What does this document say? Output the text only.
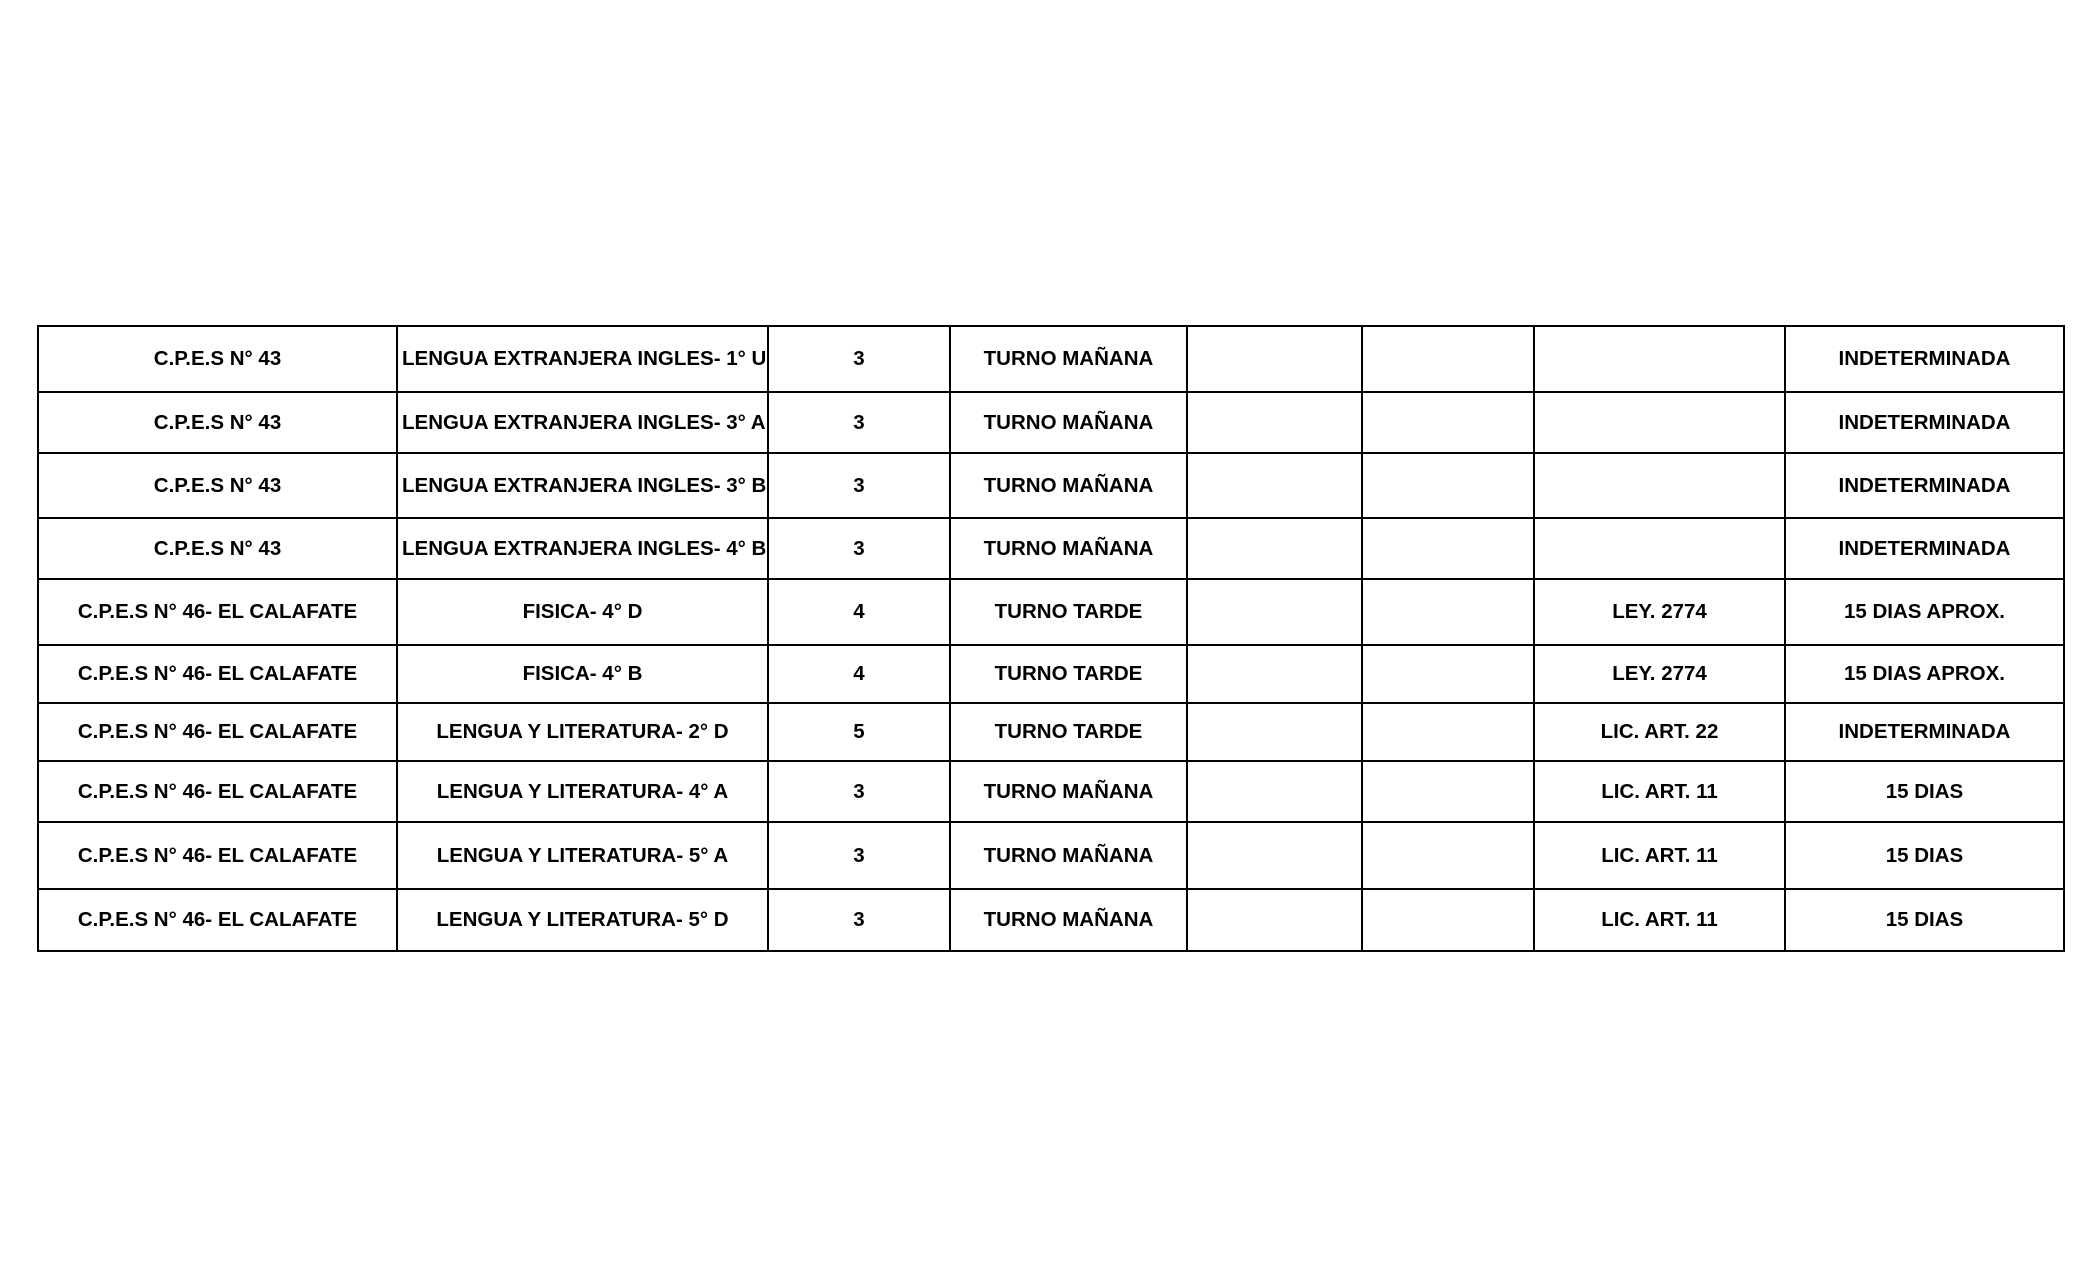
C.P.E.S N° 43	LENGUA EXTRANJERA INGLES- 1° U	3	TURNO MAÑANA				INDETERMINADA
C.P.E.S N° 43	LENGUA EXTRANJERA INGLES- 3° A	3	TURNO MAÑANA				INDETERMINADA
C.P.E.S N° 43	LENGUA EXTRANJERA INGLES- 3° B	3	TURNO MAÑANA				INDETERMINADA
C.P.E.S N° 43	LENGUA EXTRANJERA INGLES- 4° B	3	TURNO MAÑANA				INDETERMINADA
C.P.E.S N° 46- EL CALAFATE	FISICA- 4° D	4	TURNO TARDE			LEY. 2774	15 DIAS APROX.
C.P.E.S N° 46- EL CALAFATE	FISICA- 4° B	4	TURNO TARDE			LEY. 2774	15 DIAS APROX.
C.P.E.S N° 46- EL CALAFATE	LENGUA Y LITERATURA- 2° D	5	TURNO TARDE			LIC. ART. 22	INDETERMINADA
C.P.E.S N° 46- EL CALAFATE	LENGUA Y LITERATURA- 4° A	3	TURNO MAÑANA			LIC. ART. 11	15 DIAS
C.P.E.S N° 46- EL CALAFATE	LENGUA Y LITERATURA- 5° A	3	TURNO MAÑANA			LIC. ART. 11	15 DIAS
C.P.E.S N° 46- EL CALAFATE	LENGUA Y LITERATURA- 5° D	3	TURNO MAÑANA			LIC. ART. 11	15 DIAS
